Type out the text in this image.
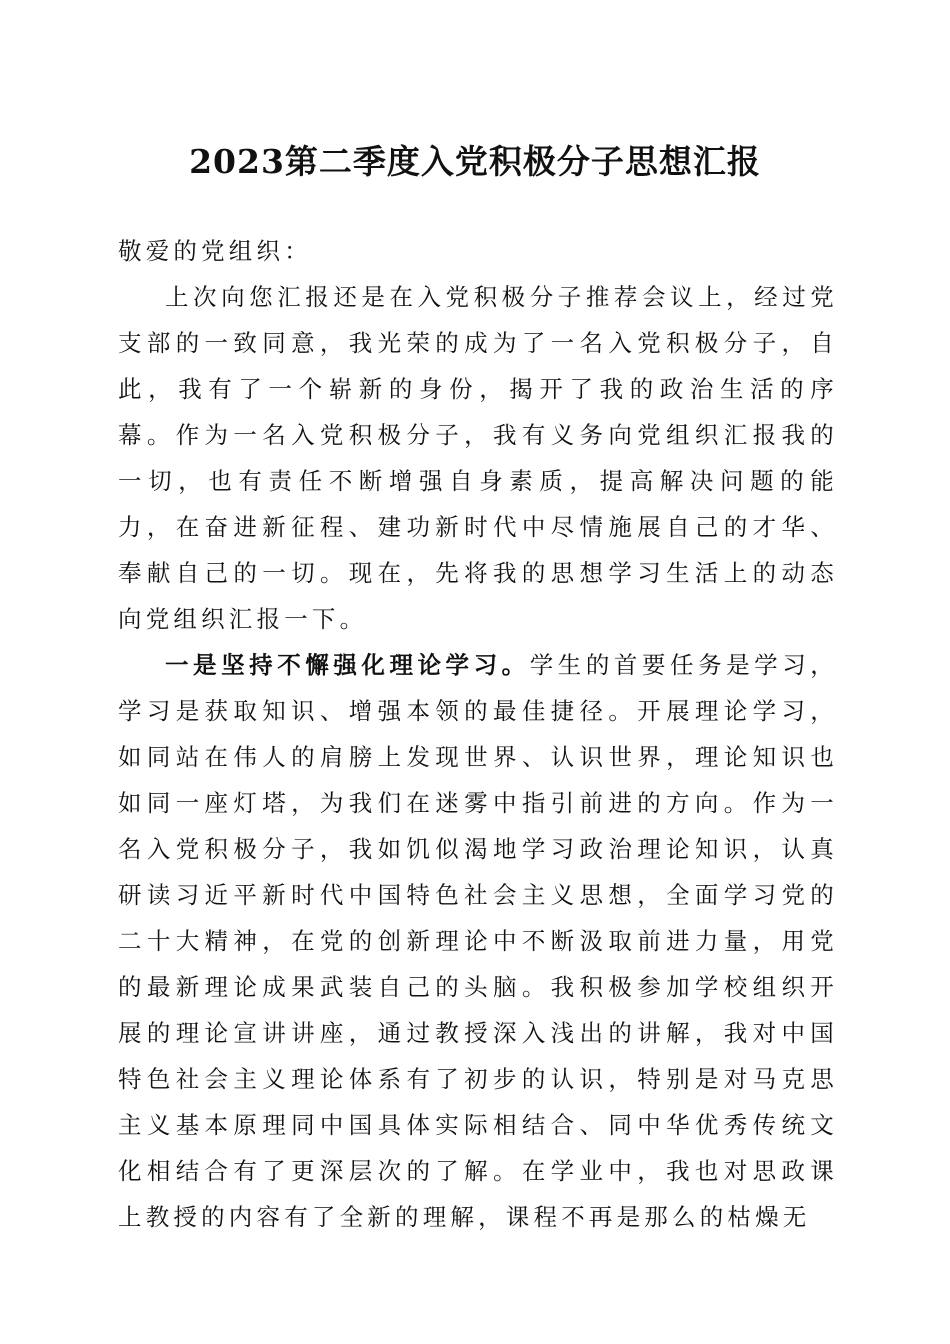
2023第二季度入党积极分子思想汇报

敬爱的党组织：

上次向您汇报还是在入党积极分子推荐会议上，经过党支部的一致同意，我光荣的成为了一名入党积极分子，自此，我有了一个崭新的身份，揭开了我的政治生活的序幕。作为一名入党积极分子，我有义务向党组织汇报我的一切，也有责任不断增强自身素质，提高解决问题的能力，在奋进新征程、建功新时代中尽情施展自己的才华、奉献自己的一切。现在，先将我的思想学习生活上的动态向党组织汇报一下。

一是坚持不懈强化理论学习。学生的首要任务是学习，学习是获取知识、增强本领的最佳捷径。开展理论学习，如同站在伟人的肩膀上发现世界、认识世界，理论知识也如同一座灯塔，为我们在迷雾中指引前进的方向。作为一名入党积极分子，我如饥似渴地学习政治理论知识，认真研读习近平新时代中国特色社会主义思想，全面学习党的二十大精神，在党的创新理论中不断汲取前进力量，用党的最新理论成果武装自己的头脑。我积极参加学校组织开展的理论宣讲讲座，通过教授深入浅出的讲解，我对中国特色社会主义理论体系有了初步的认识，特别是对马克思主义基本原理同中国具体实际相结合、同中华优秀传统文化相结合有了更深层次的了解。在学业中，我也对思政课上教授的内容有了全新的理解，课程不再是那么的枯燥无
